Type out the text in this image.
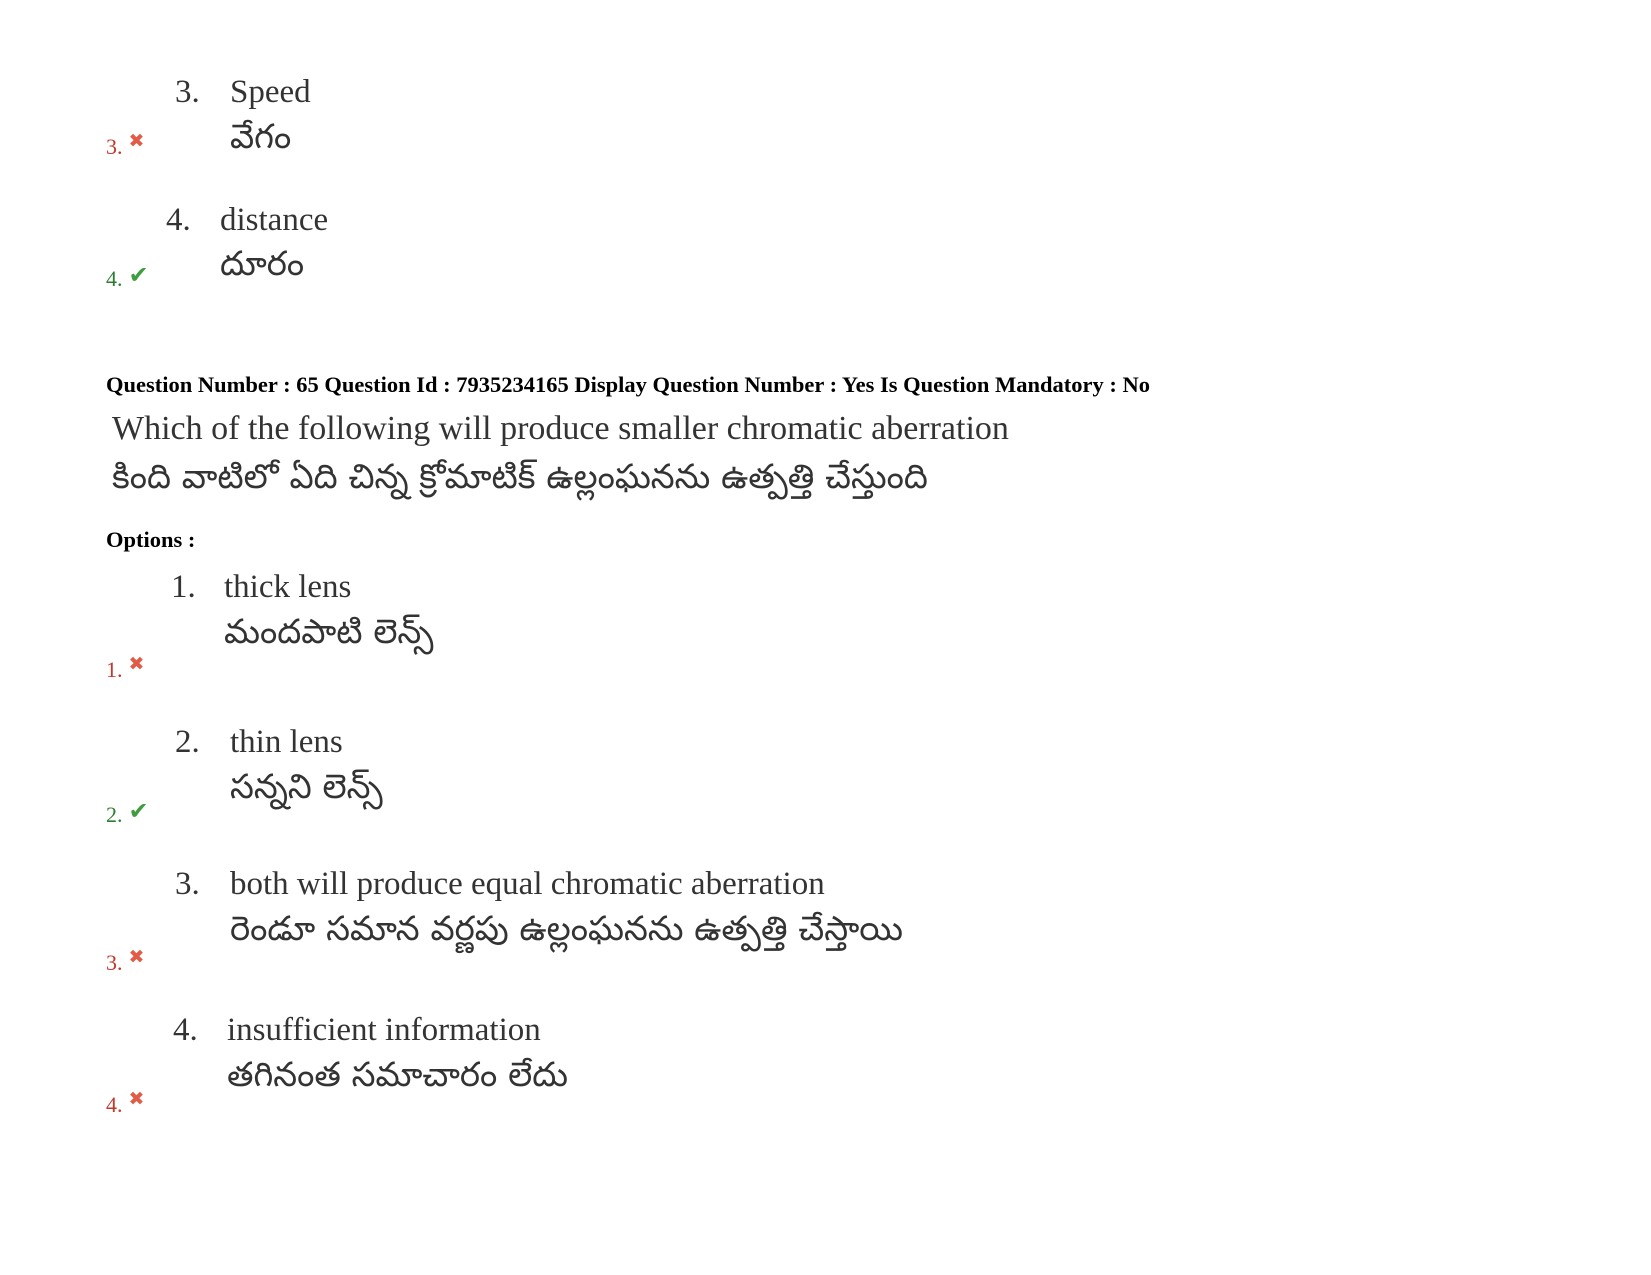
3. Speed
వేగం
3. ✖
4. distance
దూరం
4. ✔
Question Number : 65 Question Id : 7935234165 Display Question Number : Yes Is Question Mandatory : No
Which of the following will produce smaller chromatic aberration
కింది వాటిలో ఏది చిన్న క్రోమాటిక్ ఉల్లంఘనను ఉత్పత్తి చేస్తుంది
Options :
1. thick lens
మందపాటి లెన్స్
1. ✖
2. thin lens
సన్నని లెన్స్
2. ✔
3. both will produce equal chromatic aberration
రెండూ సమాన వర్ణపు ఉల్లంఘనను ఉత్పత్తి చేస్తాయి
3. ✖
4. insufficient information
తగినంత సమాచారం లేదు
4. ✖
